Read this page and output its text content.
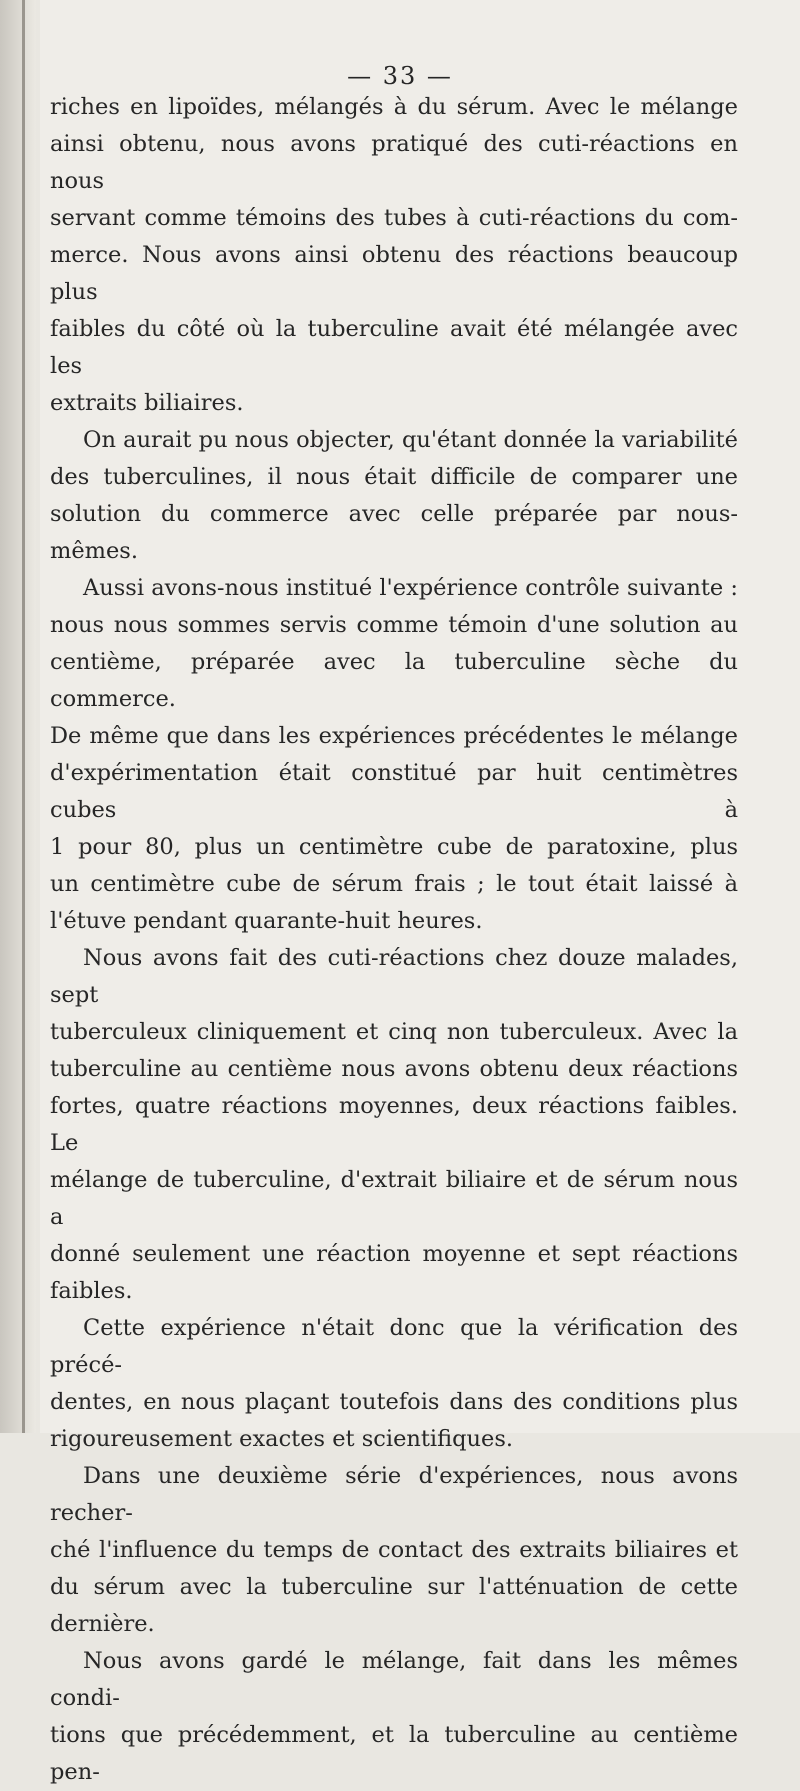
— 33 —

riches en lipoïdes, mélangés à du sérum. Avec le mélange

ainsi obtenu, nous avons pratiqué des cuti-réactions en nous

servant comme témoins des tubes à cuti-réactions du com-

merce. Nous avons ainsi obtenu des réactions beaucoup plus

faibles du côté où la tuberculine avait été mélangée avec les

extraits biliaires.

On aurait pu nous objecter, qu'étant donnée la variabilité

des tuberculines, il nous était difficile de comparer une

solution du commerce avec celle préparée par nous-

mêmes.

Aussi avons-nous institué l'expérience contrôle suivante :

nous nous sommes servis comme témoin d'une solution au

centième, préparée avec la tuberculine sèche du commerce.

De même que dans les expériences précédentes le mélange

d'expérimentation était constitué par huit centimètres cubes à

1 pour 80, plus un centimètre cube de paratoxine, plus

un centimètre cube de sérum frais ; le tout était laissé à

l'étuve pendant quarante-huit heures.

Nous avons fait des cuti-réactions chez douze malades, sept

tuberculeux cliniquement et cinq non tuberculeux. Avec la

tuberculine au centième nous avons obtenu deux réactions

fortes, quatre réactions moyennes, deux réactions faibles. Le

mélange de tuberculine, d'extrait biliaire et de sérum nous a

donné seulement une réaction moyenne et sept réactions

faibles.

Cette expérience n'était donc que la vérification des précé-

dentes, en nous plaçant toutefois dans des conditions plus

rigoureusement exactes et scientifiques.

Dans une deuxième série d'expériences, nous avons recher-

ché l'influence du temps de contact des extraits biliaires et

du sérum avec la tuberculine sur l'atténuation de cette

dernière.

Nous avons gardé le mélange, fait dans les mêmes condi-

tions que précédemment, et la tuberculine au centième pen-
